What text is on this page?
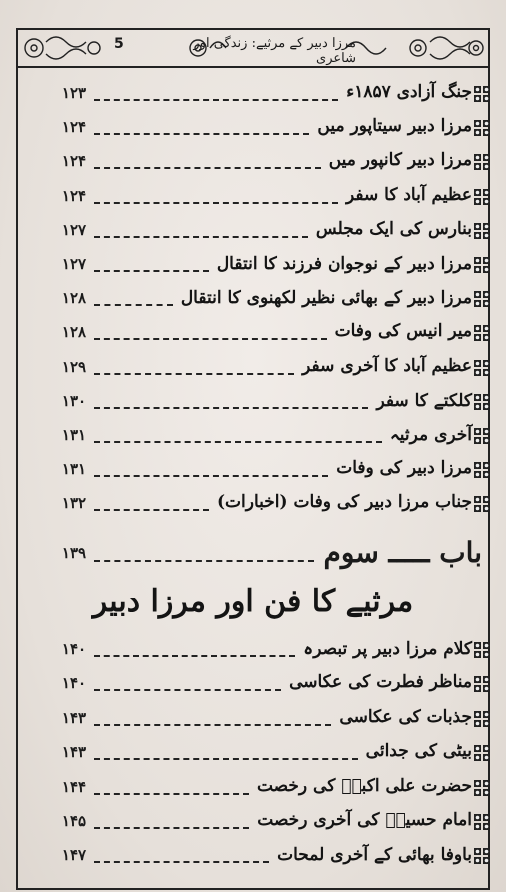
مرزا دبیر کے مرثیے: زندگی اور شاعری
5
جنگ آزادی ۱۸۵۷ء
۱۲۳
مرزا دبیر سیتاپور میں
۱۲۴
مرزا دبیر کانپور میں
۱۲۴
عظیم آباد کا سفر
۱۲۴
بنارس کی ایک مجلس
۱۲۷
مرزا دبیر کے نوجوان فرزند کا انتقال
۱۲۷
مرزا دبیر کے بھائی نظیر لکھنوی کا انتقال
۱۲۸
میر انیس کی وفات
۱۲۸
عظیم آباد کا آخری سفر
۱۲۹
کلکتے کا سفر
۱۳۰
آخری مرثیہ
۱۳۱
مرزا دبیر کی وفات
۱۳۱
جناب مرزا دبیر کی وفات (اخبارات)
۱۳۲
باب ـــــ سوم
۱۳۹
مرثیے کا فن اور مرزا دبیر
کلام مرزا دبیر پر تبصرہ
۱۴۰
مناظر فطرت کی عکاسی
۱۴۰
جذبات کی عکاسی
۱۴۳
بیٹی کی جدائی
۱۴۳
حضرت علی اکبرؑ کی رخصت
۱۴۴
امام حسینؑ کی آخری رخصت
۱۴۵
باوفا بھائی کے آخری لمحات
۱۴۷
